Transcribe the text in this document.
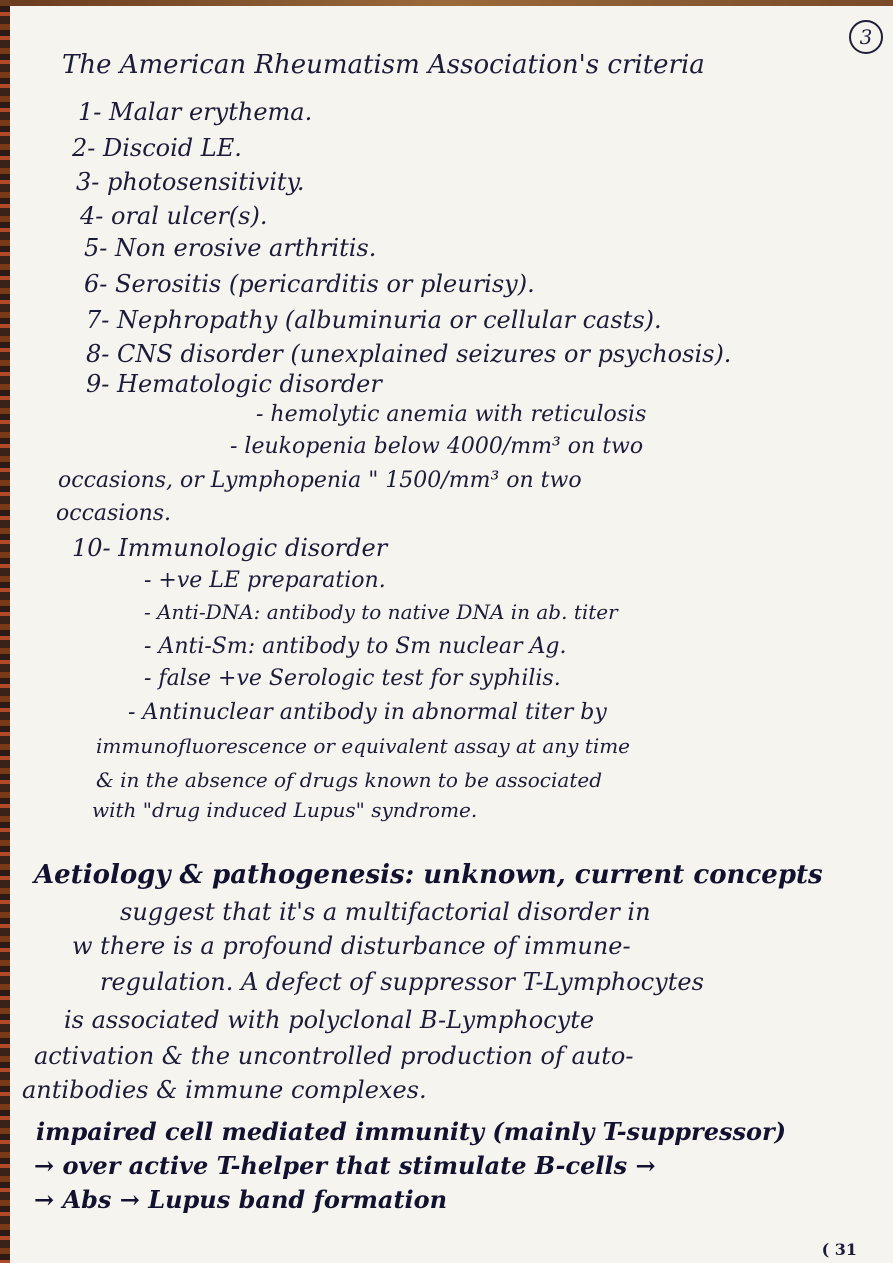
3
The American Rheumatism Association's criteria
1- Malar erythema.
2- Discoid LE.
3- photosensitivity.
4- oral ulcer(s).
5- Non erosive arthritis.
6- Serositis (pericarditis or pleurisy).
7- Nephropathy (albuminuria or cellular casts).
8- CNS disorder (unexplained seizures or psychosis).
9- Hematologic disorder
- hemolytic anemia with reticulosis
- leukopenia below 4000/mm³ on two
occasions, or Lymphopenia " 1500/mm³ on two
occasions.
10- Immunologic disorder
- +ve LE preparation.
- Anti-DNA: antibody to native DNA in ab. titer
- Anti-Sm: antibody to Sm nuclear Ag.
- false +ve Serologic test for syphilis.
- Antinuclear antibody in abnormal titer by
immunofluorescence or equivalent assay at any time
& in the absence of drugs known to be associated
with "drug induced Lupus" syndrome.
Aetiology & pathogenesis: unknown, current concepts
suggest that it's a multifactorial disorder in
w there is a profound disturbance of immune-
regulation. A defect of suppressor T-Lymphocytes
is associated with polyclonal B-Lymphocyte
activation & the uncontrolled production of auto-
antibodies & immune complexes.
impaired cell mediated immunity (mainly T-suppressor)
→ over active T-helper that stimulate B-cells →
→ Abs → Lupus band formation
( 31
